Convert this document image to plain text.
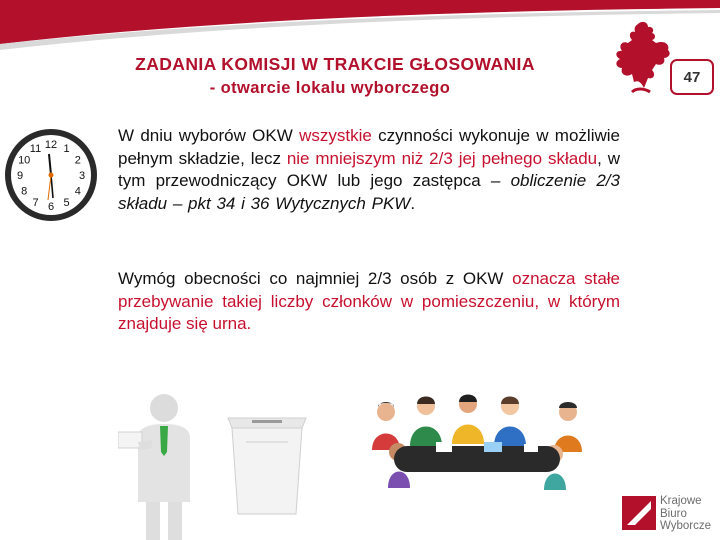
ZADANIA KOMISJI W TRAKCIE GŁOSOWANIA
- otwarcie lokalu wyborczego
47
12 1
2
3
4
5
6
7
8
9
10
11
W dniu wyborów OKW wszystkie czynności wykonuje w możliwie pełnym składzie, lecz nie mniejszym niż 2/3 jej pełnego składu, w tym przewodniczący OKW lub jego zastępca – obliczenie 2/3 składu – pkt 34 i 36 Wytycznych PKW.
Wymóg obecności co najmniej 2/3 osób z OKW oznacza stałe przebywanie takiej liczby członków w pomieszczeniu, w którym znajduje się urna.
Krajowe
Biuro
Wyborcze
